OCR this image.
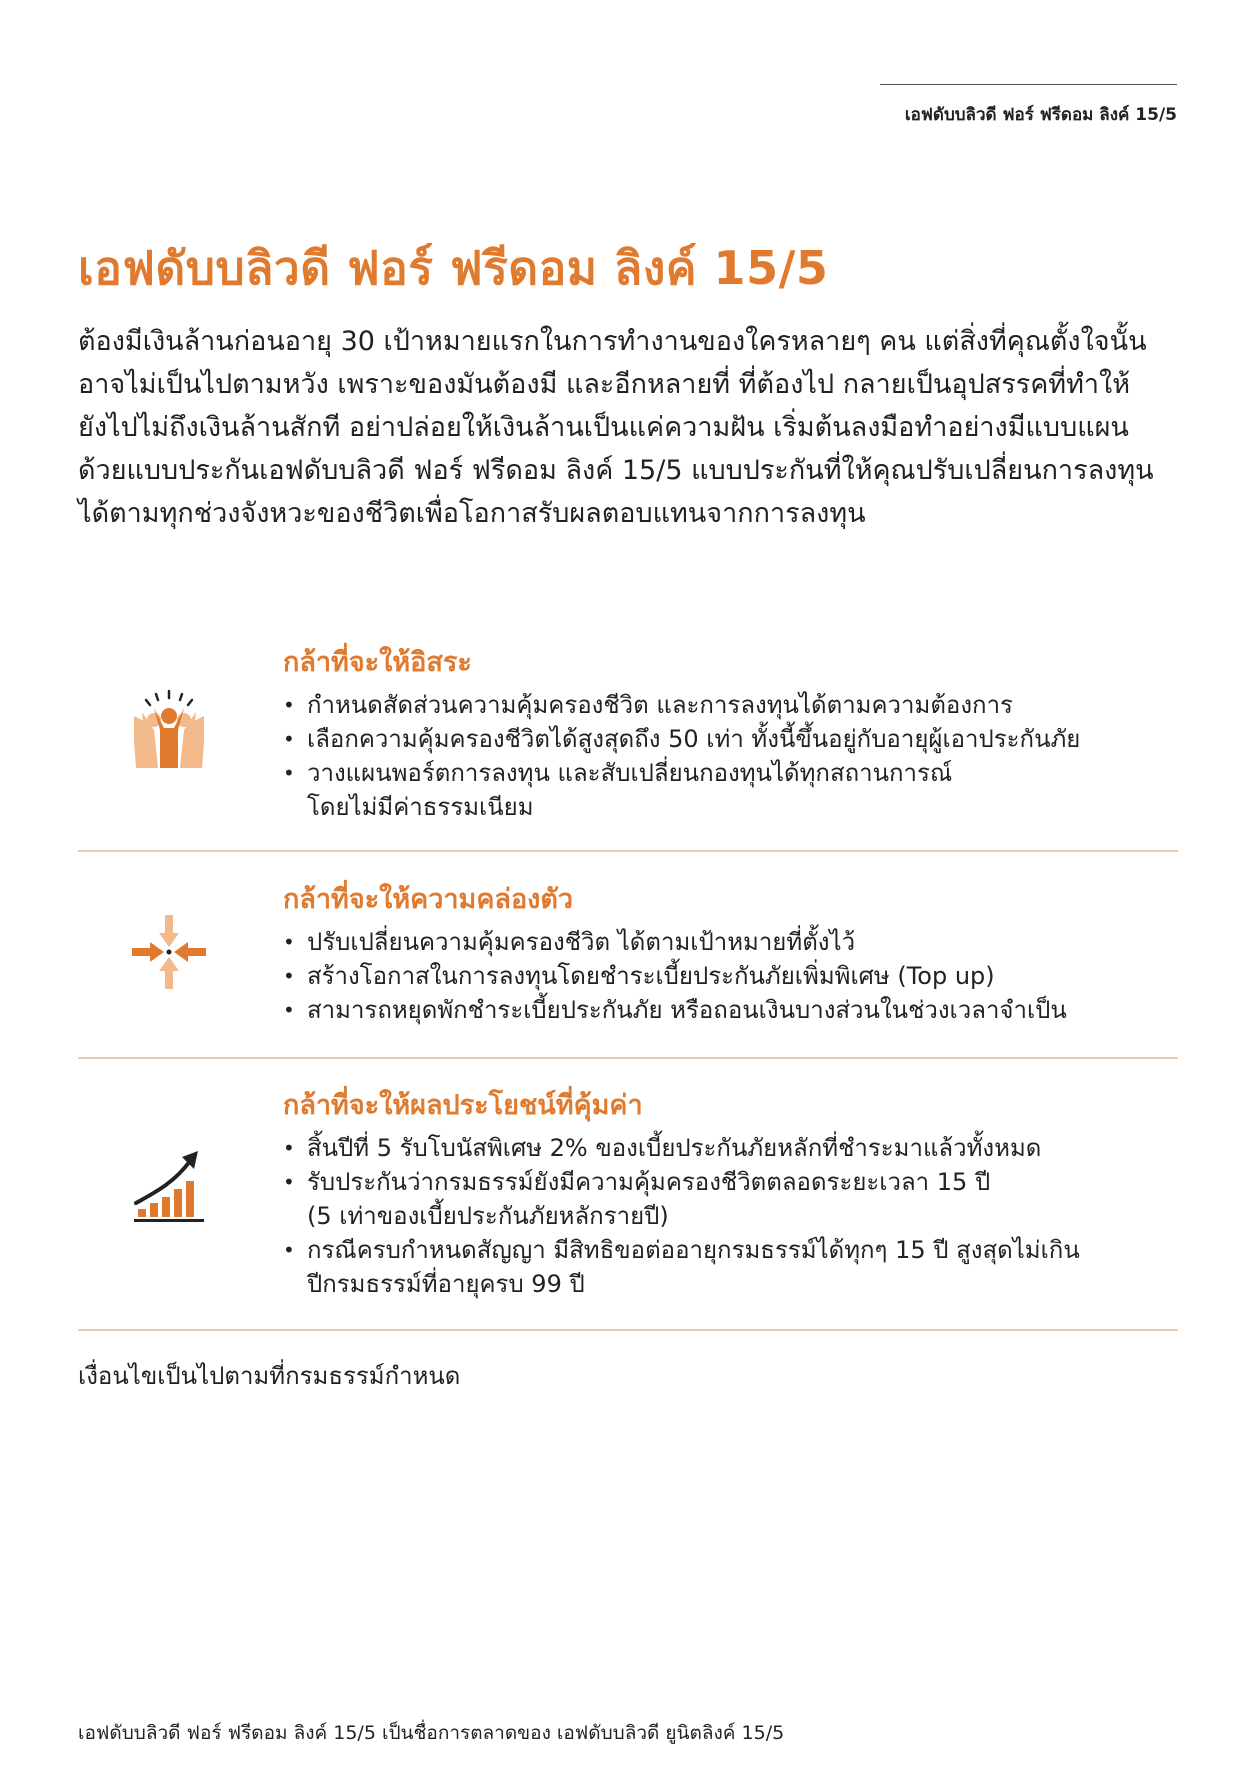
เอฟดับบลิวดี ฟอร์ ฟรีดอม ลิงค์ 15/5
เอฟดับบลิวดี ฟอร์ ฟรีดอม ลิงค์ 15/5
ต้องมีเงินล้านก่อนอายุ 30 เป้าหมายแรกในการทำงานของใครหลายๆ คน แต่สิ่งที่คุณตั้งใจนั้น
อาจไม่เป็นไปตามหวัง เพราะของมันต้องมี และอีกหลายที่ ที่ต้องไป กลายเป็นอุปสรรคที่ทำให้
ยังไปไม่ถึงเงินล้านสักที อย่าปล่อยให้เงินล้านเป็นแค่ความฝัน เริ่มต้นลงมือทำอย่างมีแบบแผน
ด้วยแบบประกันเอฟดับบลิวดี ฟอร์ ฟรีดอม ลิงค์ 15/5 แบบประกันที่ให้คุณปรับเปลี่ยนการลงทุน
ได้ตามทุกช่วงจังหวะของชีวิตเพื่อโอกาสรับผลตอบแทนจากการลงทุน
กล้าที่จะให้อิสระ
• กำหนดสัดส่วนความคุ้มครองชีวิต และการลงทุนได้ตามความต้องการ
• เลือกความคุ้มครองชีวิตได้สูงสุดถึง 50 เท่า ทั้งนี้ขึ้นอยู่กับอายุผู้เอาประกันภัย
• วางแผนพอร์ตการลงทุน และสับเปลี่ยนกองทุนได้ทุกสถานการณ์
โดยไม่มีค่าธรรมเนียม
กล้าที่จะให้ความคล่องตัว
• ปรับเปลี่ยนความคุ้มครองชีวิต ได้ตามเป้าหมายที่ตั้งไว้
• สร้างโอกาสในการลงทุนโดยชำระเบี้ยประกันภัยเพิ่มพิเศษ (Top up)
• สามารถหยุดพักชำระเบี้ยประกันภัย หรือถอนเงินบางส่วนในช่วงเวลาจำเป็น
กล้าที่จะให้ผลประโยชน์ที่คุ้มค่า
• สิ้นปีที่ 5 รับโบนัสพิเศษ 2% ของเบี้ยประกันภัยหลักที่ชำระมาแล้วทั้งหมด
• รับประกันว่ากรมธรรม์ยังมีความคุ้มครองชีวิตตลอดระยะเวลา 15 ปี
(5 เท่าของเบี้ยประกันภัยหลักรายปี)
• กรณีครบกำหนดสัญญา มีสิทธิขอต่ออายุกรมธรรม์ได้ทุกๆ 15 ปี สูงสุดไม่เกิน
ปีกรมธรรม์ที่อายุครบ 99 ปี
เงื่อนไขเป็นไปตามที่กรมธรรม์กำหนด
เอฟดับบลิวดี ฟอร์ ฟรีดอม ลิงค์ 15/5 เป็นชื่อการตลาดของ เอฟดับบลิวดี ยูนิตลิงค์ 15/5
